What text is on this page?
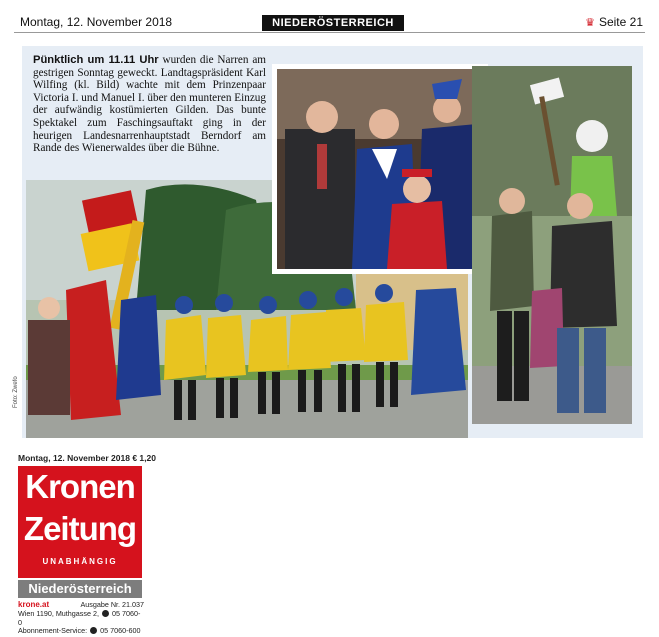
Montag, 12. November 2018	NIEDERÖSTERREICH	♛ Seite 21
Pünktlich um 11.11 Uhr wurden die Narren am gestrigen Sonntag geweckt. Landtagspräsident Karl Wilfing (kl. Bild) wachte mit dem Prinzenpaar Victoria I. und Manuel I. über den munteren Einzug der aufwändig kostümierten Gilden. Das bunte Spektakel zum Faschingsauftakt ging in der heurigen Landesnarrenhauptstadt Berndorf am Rande des Wienerwaldes über die Bühne.
Foto: Zwefo
Montag, 12. November 2018 € 1,20
Kronen
Zeitung
UNABHÄNGIG
Niederösterreich
krone.at	Ausgabe Nr. 21.037
Wien 1190, Muthgasse 2, 05 7060-0
Abonnement-Service: 05 7060-600
